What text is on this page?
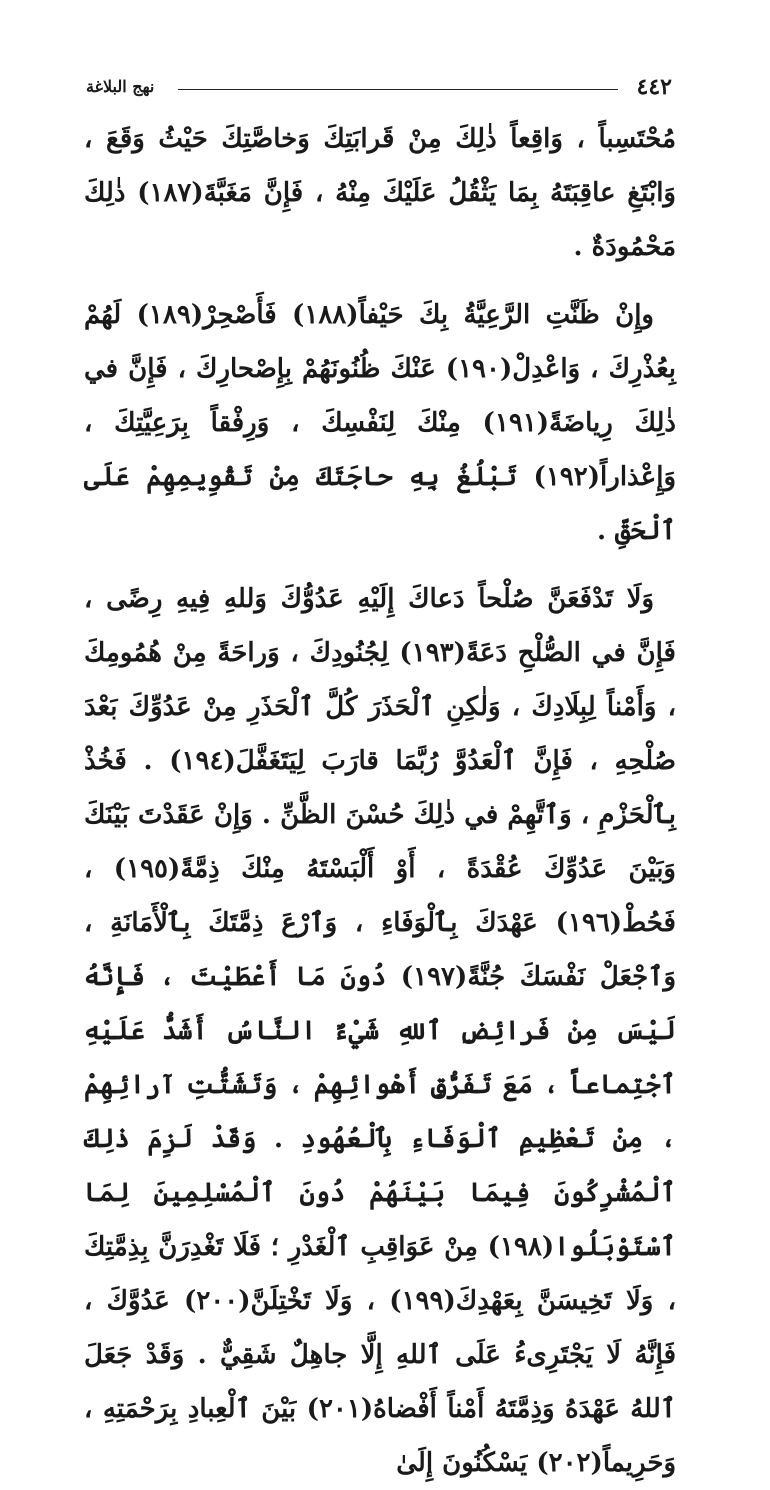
٤٤٢
نهج البلاغة

مُحْتَسِباً ، وَاقِعاً ذٰلِكَ مِنْ قَرابَتِكَ وَخاصَّتِكَ حَيْثُ وَقَعَ ، وَابْتَغِ عاقِبَتَهُ بِمَا يَثْقُلُ عَلَيْكَ مِنْهُ ، فَإِنَّ مَغَبَّةَ(١٨٧) ذٰلِكَ مَحْمُودَةٌ .

وإِنْ ظَنَّتِ الرَّعِيَّةُ بِكَ حَيْفاً(١٨٨) فَأَصْحِرْ(١٨٩) لَهُمْ بِعُذْرِكَ ، وَاعْدِلْ(١٩٠) عَنْكَ ظُنُونَهُمْ بِإِصْحارِكَ ، فَإِنَّ في ذٰلِكَ رِياضَةً(١٩١) مِنْكَ لِنَفْسِكَ ، وَرِفْقاً بِرَعِيَّتِكَ ، وَإِعْذاراً(١٩٢) تَبْلُغُ بِهِ حاجَتَكَ مِنْ تَقْوِيمِهِمْ عَلَى ٱلْحَقِّ .

وَلَا تَدْفَعَنَّ صُلْحاً دَعاكَ إِلَيْهِ عَدُوُّكَ وَللهِ فِيهِ رِضًى ، فَإِنَّ في الصُّلْحِ دَعَةً(١٩٣) لِجُنُودِكَ ، وَراحَةً مِنْ هُمُومِكَ ، وَأَمْناً لِبِلَادِكَ ، وَلٰكِنِ ٱلْحَذَرَ كُلَّ ٱلْحَذَرِ مِنْ عَدُوِّكَ بَعْدَ صُلْحِهِ ، فَإِنَّ ٱلْعَدُوَّ رُبَّمَا قارَبَ لِيَتَغَفَّلَ(١٩٤) . فَخُذْ بِٱلْحَزْمِ ، وَٱتَّهِمْ في ذٰلِكَ حُسْنَ الظَّنِّ . وَإِنْ عَقَدْتَ بَيْنَكَ وَبَيْنَ عَدُوِّكَ عُقْدَةً ، أَوْ أَلْبَسْتَهُ مِنْكَ ذِمَّةً(١٩٥) ، فَحُطْ(١٩٦) عَهْدَكَ بِٱلْوَفَاءِ ، وَٱرْعَ ذِمَّتَكَ بِٱلْأَمَانَةِ ، وَٱجْعَلْ نَفْسَكَ جُنَّةً(١٩٧) دُونَ مَا أَعْطَيْتَ ، فَإِنَّهُ لَيْسَ مِنْ فَرائِضِ ٱللهِ شَيْءٌ النَّاسُ أَشَدُّ عَلَيْهِ ٱجْتِماعاً ، مَعَ تَفَرُّقِ أَهْوائِهِمْ ، وَتَشَتُّتِ آرائِهِمْ ، مِنْ تَعْظِيمِ ٱلْوَفَاءِ بِٱلْعُهُودِ . وَقَدْ لَزِمَ ذٰلِكَ ٱلْمُشْرِكُونَ فِيمَا بَيْنَهُمْ دُونَ ٱلْمُسْلِمِينَ لِمَا ٱسْتَوْبَلُوا(١٩٨) مِنْ عَوَاقِبِ ٱلْغَدْرِ ؛ فَلَا تَغْدِرَنَّ بِذِمَّتِكَ ، وَلَا تَخِيسَنَّ بِعَهْدِكَ(١٩٩) ، وَلَا تَخْتِلَنَّ(٢٠٠) عَدُوَّكَ ، فَإِنَّهُ لَا يَجْتَرِىءُ عَلَى ٱللهِ إِلَّا جاهِلٌ شَقِيٌّ . وَقَدْ جَعَلَ ٱللهُ عَهْدَهُ وَذِمَّتَهُ أَمْناً أَفْضاهُ(٢٠١) بَيْنَ ٱلْعِبادِ بِرَحْمَتِهِ ، وَحَرِيماً(٢٠٢) يَسْكُنُونَ إِلَىٰ
